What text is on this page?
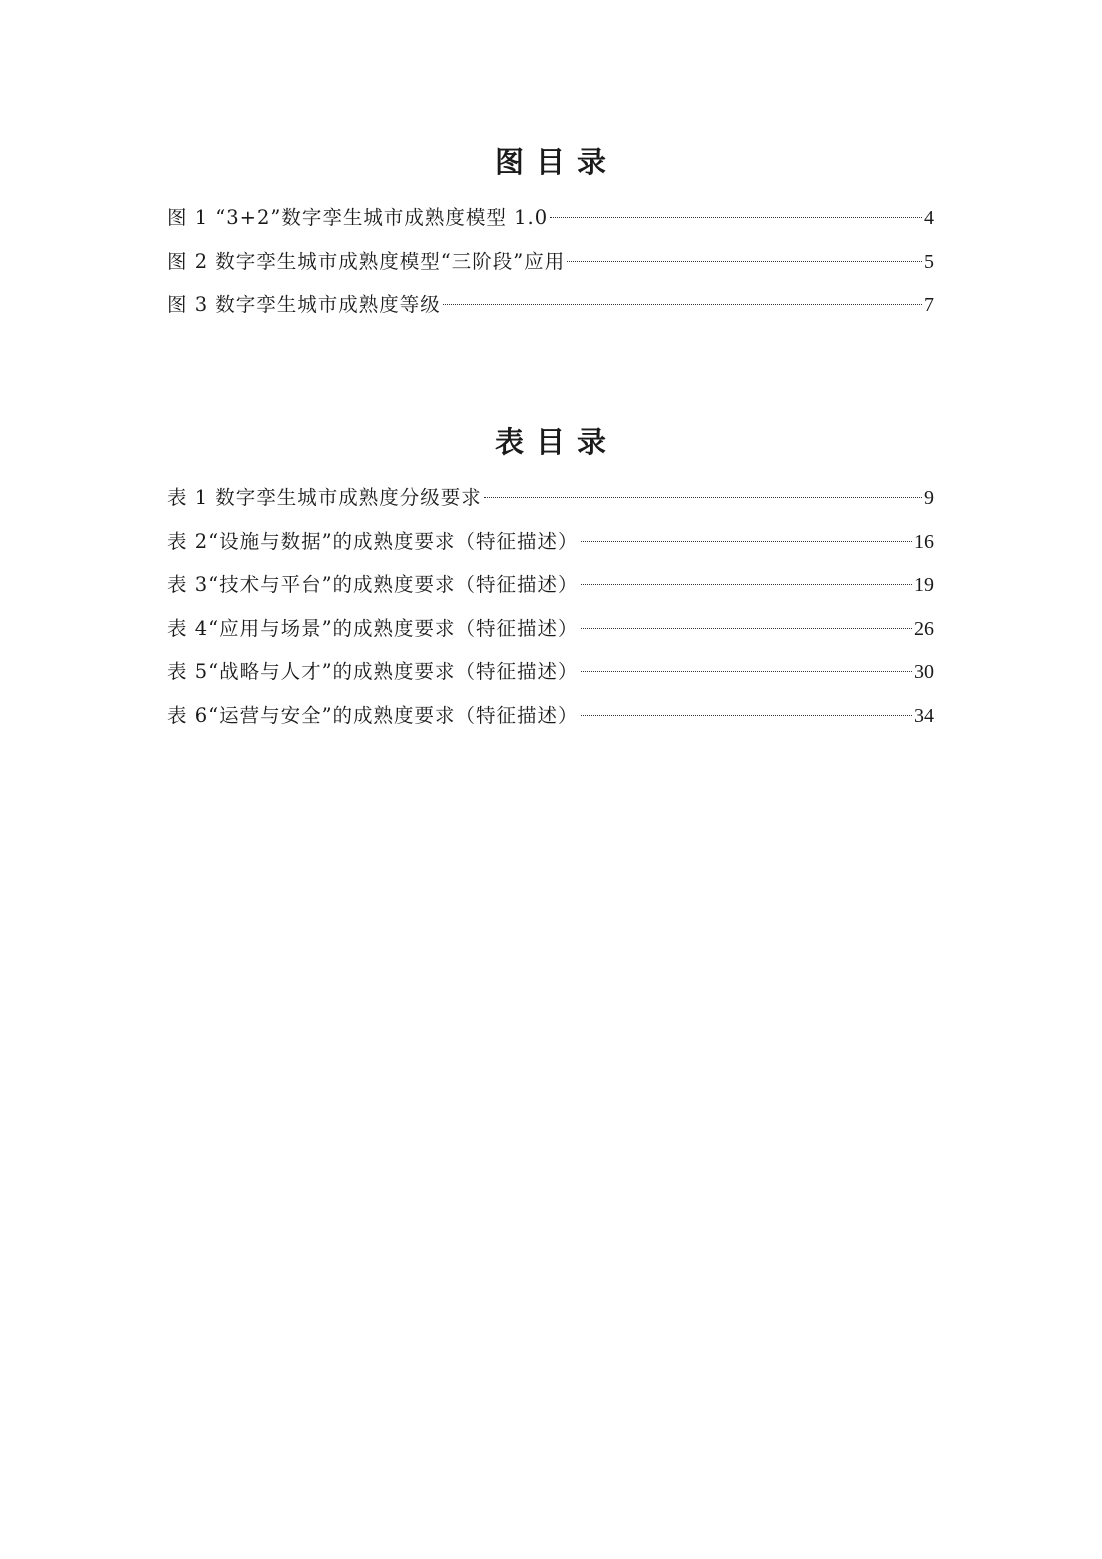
图目录
图 1 “3+2”数字孪生城市成熟度模型 1.0	4
图 2 数字孪生城市成熟度模型“三阶段”应用	5
图 3 数字孪生城市成熟度等级	7
表目录
表 1 数字孪生城市成熟度分级要求	9
表 2“设施与数据”的成熟度要求（特征描述）	16
表 3“技术与平台”的成熟度要求（特征描述）	19
表 4“应用与场景”的成熟度要求（特征描述）	26
表 5“战略与人才”的成熟度要求（特征描述）	30
表 6“运营与安全”的成熟度要求（特征描述）	34
